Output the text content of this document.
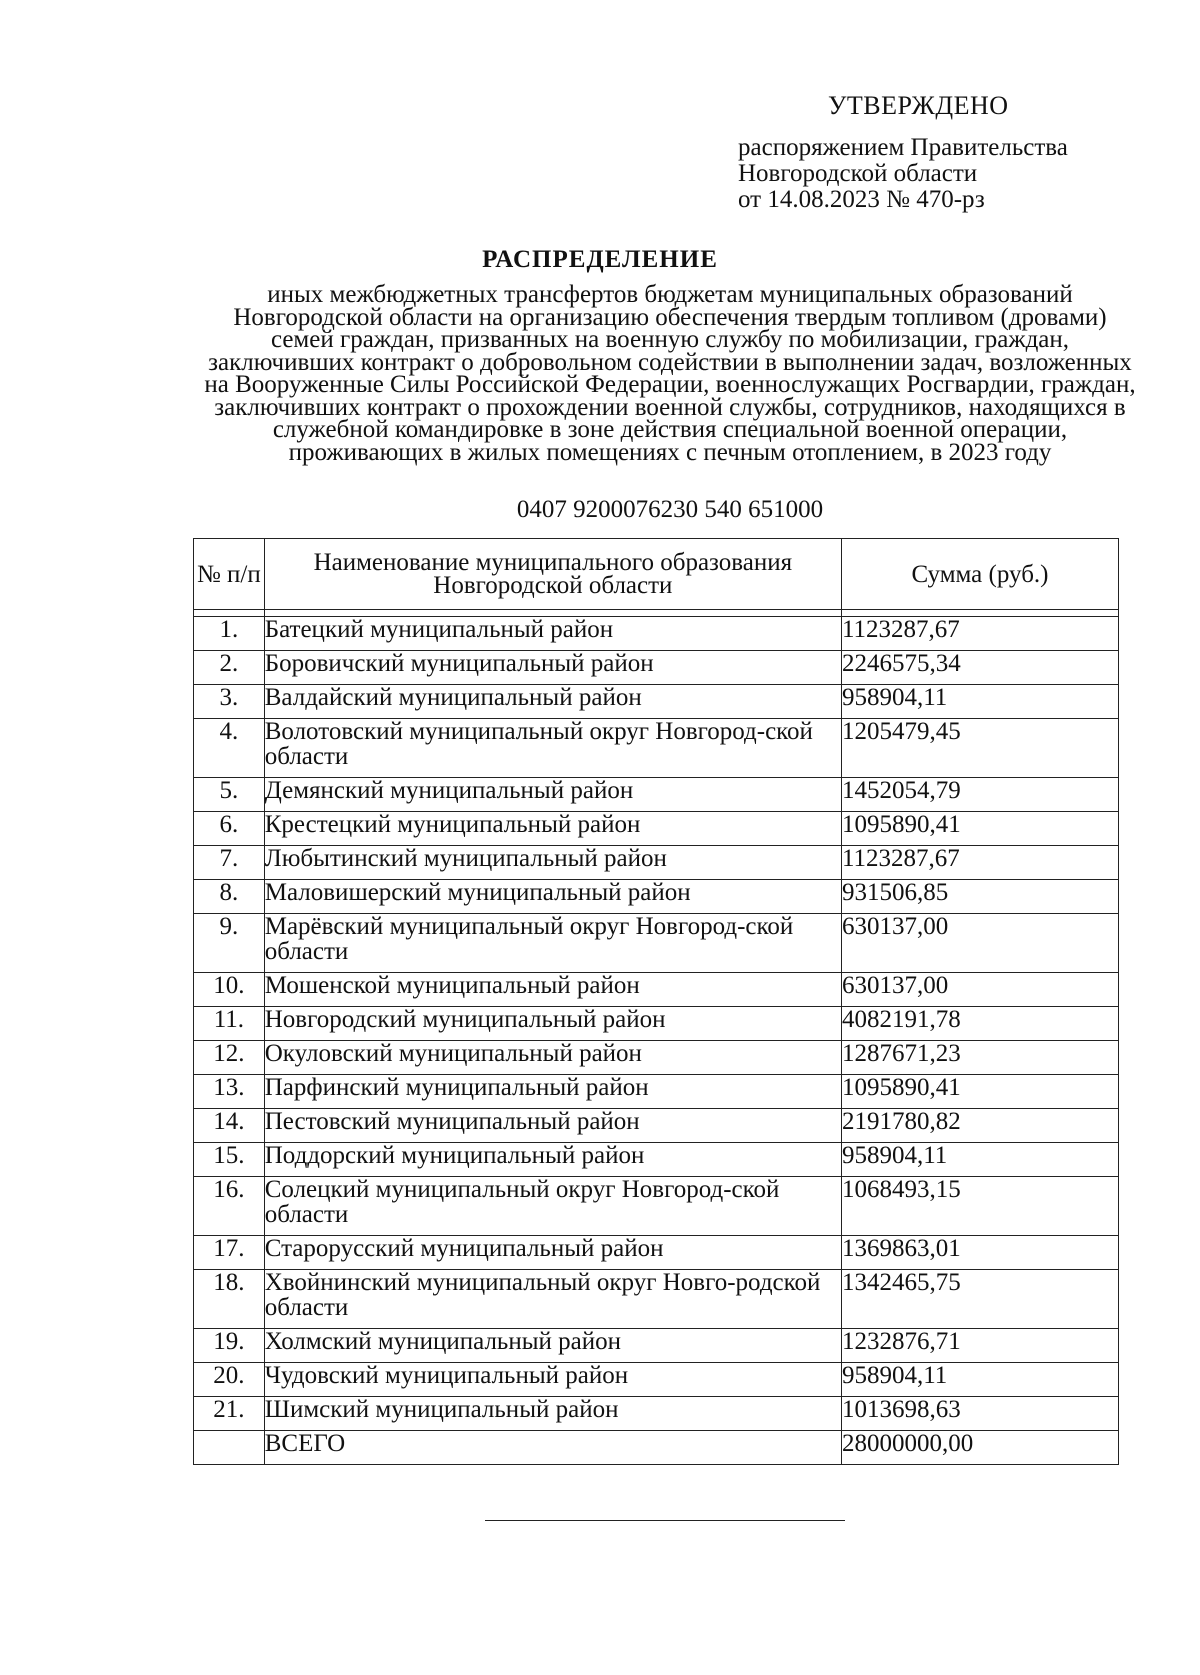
УТВЕРЖДЕНО
распоряжением Правительства
Новгородской области
от 14.08.2023 № 470-рз
РАСПРЕДЕЛЕНИЕ
иных межбюджетных трансфертов бюджетам муниципальных образований Новгородской области на организацию обеспечения твердым топливом (дровами) семей граждан, призванных на военную службу по мобилизации, граждан, заключивших контракт о добровольном содействии в выполнении задач, возложенных на Вооруженные Силы Российской Федерации, военнослужащих Росгвардии, граждан, заключивших контракт о прохождении военной службы, сотрудников, находящихся в служебной командировке в зоне действия специальной военной операции, проживающих в жилых помещениях с печным отоплением, в 2023 году
0407 9200076230 540 651000
№ п/п	Наименование муниципального образования Новгородской области	Сумма (руб.)

1.	Батецкий муниципальный район	1123287,67
2.	Боровичский муниципальный район	2246575,34
3.	Валдайский муниципальный район	958904,11
4.	Волотовский муниципальный округ Новгород-ской области	1205479,45
5.	Демянский муниципальный район	1452054,79
6.	Крестецкий муниципальный район	1095890,41
7.	Любытинский муниципальный район	1123287,67
8.	Маловишерский муниципальный район	931506,85
9.	Марёвский муниципальный округ Новгород-ской области	630137,00
10.	Мошенской муниципальный район	630137,00
11.	Новгородский муниципальный район	4082191,78
12.	Окуловский муниципальный район	1287671,23
13.	Парфинский муниципальный район	1095890,41
14.	Пестовский муниципальный район	2191780,82
15.	Поддорский муниципальный район	958904,11
16.	Солецкий муниципальный округ Новгород-ской области	1068493,15
17.	Старорусский муниципальный район	1369863,01
18.	Хвойнинский муниципальный округ Новго-родской области	1342465,75
19.	Холмский муниципальный район	1232876,71
20.	Чудовский муниципальный район	958904,11
21.	Шимский муниципальный район	1013698,63
	ВСЕГО	28000000,00
